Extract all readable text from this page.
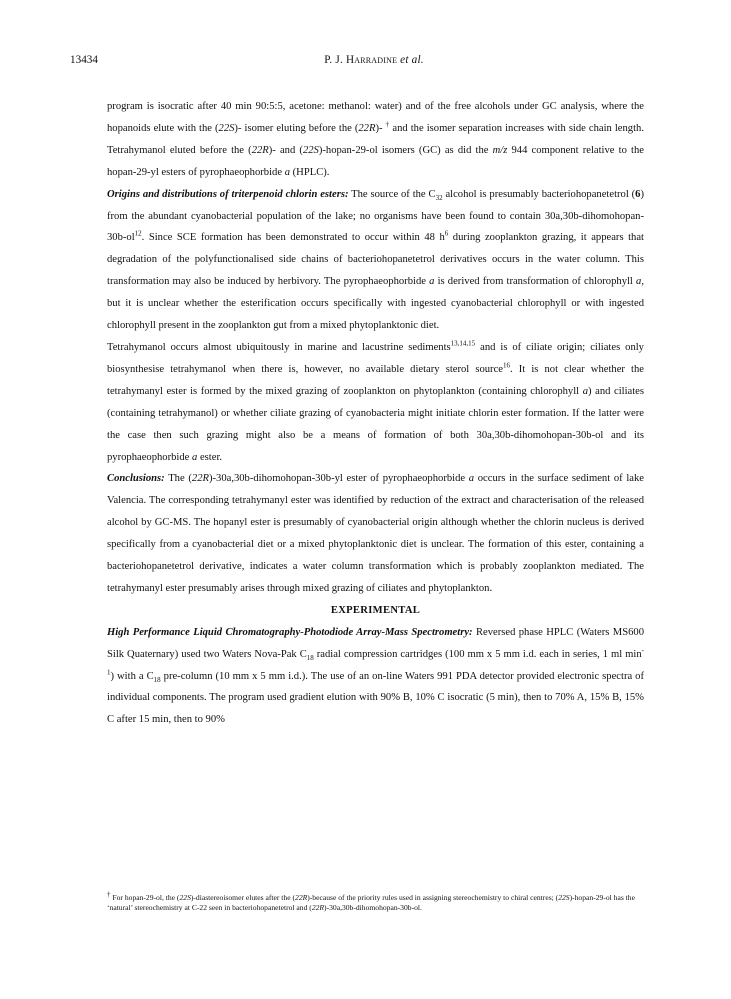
13434	P. J. Harradine et al.

program is isocratic after 40 min 90:5:5, acetone: methanol: water) and of the free alcohols under GC analysis, where the hopanoids elute with the (22S)- isomer eluting before the (22R)- † and the isomer separation increases with side chain length. Tetrahymanol eluted before the (22R)- and (22S)-hopan-29-ol isomers (GC) as did the m/z 944 component relative to the hopan-29-yl esters of pyrophaeophorbide a (HPLC).

Origins and distributions of triterpenoid chlorin esters: The source of the $C_{32}$ alcohol is presumably bacteriohopanetetrol (6) from the abundant cyanobacterial population of the lake; no organisms have been found to contain $30a,30b-dihomohopan-30b-ol^{12}$. Since SCE formation has been demonstrated to occur within 48 $h^6$ during zooplankton grazing, it appears that degradation of the polyfunctionalised side chains of bacteriohopanetetrol derivatives occurs in the water column. This transformation may also be induced by herbivory. The pyrophaeophorbide a is derived from transformation of chlorophyll a, but it is unclear whether the esterification occurs specifically with ingested cyanobacterial chlorophyll or with ingested chlorophyll present in the zooplankton gut from a mixed phytoplanktonic diet.

Tetrahymanol occurs almost ubiquitously in marine and lacustrine sediments$^{13,14,15}$ and is of ciliate origin; ciliates only biosynthesise tetrahymanol when there is, however, no available dietary sterol source$^{16}$. It is not clear whether the tetrahymanyl ester is formed by the mixed grazing of zooplankton on phytoplankton (containing chlorophyll a) and ciliates (containing tetrahymanol) or whether ciliate grazing of cyanobacteria might initiate chlorin ester formation. If the latter were the case then such grazing might also be a means of formation of both 30a,30b-dihomohopan-30b-ol and its pyrophaeophorbide a ester.

Conclusions: The (22R)-30a,30b-dihomohopan-30b-yl ester of pyrophaeophorbide a occurs in the surface sediment of lake Valencia. The corresponding tetrahymanyl ester was identified by reduction of the extract and characterisation of the released alcohol by GC-MS. The hopanyl ester is presumably of cyanobacterial origin although whether the chlorin nucleus is derived specifically from a cyanobacterial diet or a mixed phytoplanktonic diet is unclear. The formation of this ester, containing a bacteriohopanetetrol derivative, indicates a water column transformation which is probably zooplankton mediated. The tetrahymanyl ester presumably arises through mixed grazing of ciliates and phytoplankton.

EXPERIMENTAL

High Performance Liquid Chromatography-Photodiode Array-Mass Spectrometry: Reversed phase HPLC (Waters MS600 Silk Quaternary) used two Waters Nova-Pak $C_{18}$ radial compression cartridges (100 mm x 5 mm i.d. each in series, 1 ml $\min^{-1}$) with a $C_{18}$ pre-column (10 mm x 5 mm i.d.). The use of an on-line Waters 991 PDA detector provided electronic spectra of individual components. The program used gradient elution with 90% B, 10% C isocratic (5 min), then to 70% A, 15% B, 15% C after 15 min, then to 90%

† For hopan-29-ol, the (22S)-diastereoisomer elutes after the (22R)-because of the priority rules used in assigning stereochemistry to chiral centres; (22S)-hopan-29-ol has the ‘natural’ stereochemistry at C-22 seen in bacteriohopanetetrol and (22R)-30a,30b-dihomohopan-30b-ol.
